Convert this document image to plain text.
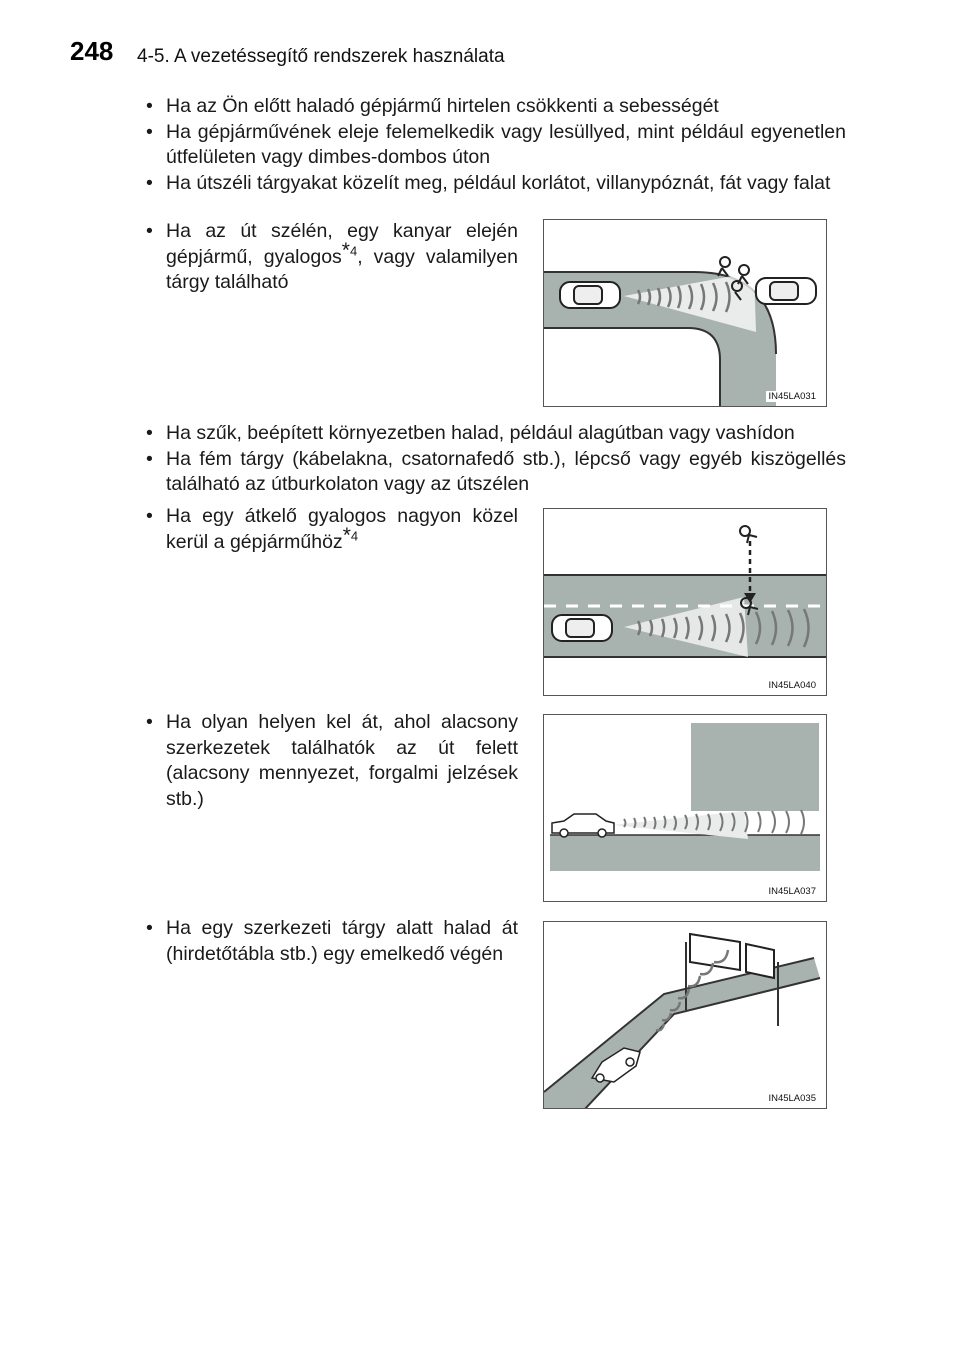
248 4-5. A vezetéssegítő rendszerek használata
• Ha az Ön előtt haladó gépjármű hirtelen csökkenti a sebességét
• Ha gépjárművének eleje felemelkedik vagy lesüllyed, mint például egyenetlen útfelületen vagy dimbes-dombos úton
• Ha útszéli tárgyakat közelít meg, például korlátot, villanypóznát, fát vagy falat
• Ha az út szélén, egy kanyar elején gépjármű, gyalogos*$^4$, vagy valamilyen tárgy található
IN45LA031
• Ha szűk, beépített környezetben halad, például alagútban vagy vashídon
• Ha fém tárgy (kábelakna, csatornafedő stb.), lépcső vagy egyéb kiszögellés található az útburkolaton vagy az útszélen
• Ha egy átkelő gyalogos nagyon közel kerül a gépjárműhöz*$^4$
IN45LA040
• Ha olyan helyen kel át, ahol alacsony szerkezetek találhatók az út felett (alacsony mennyezet, forgalmi jelzések stb.)
IN45LA037
• Ha egy szerkezeti tárgy alatt halad át (hirdetőtábla stb.) egy emelkedő végén
IN45LA035
